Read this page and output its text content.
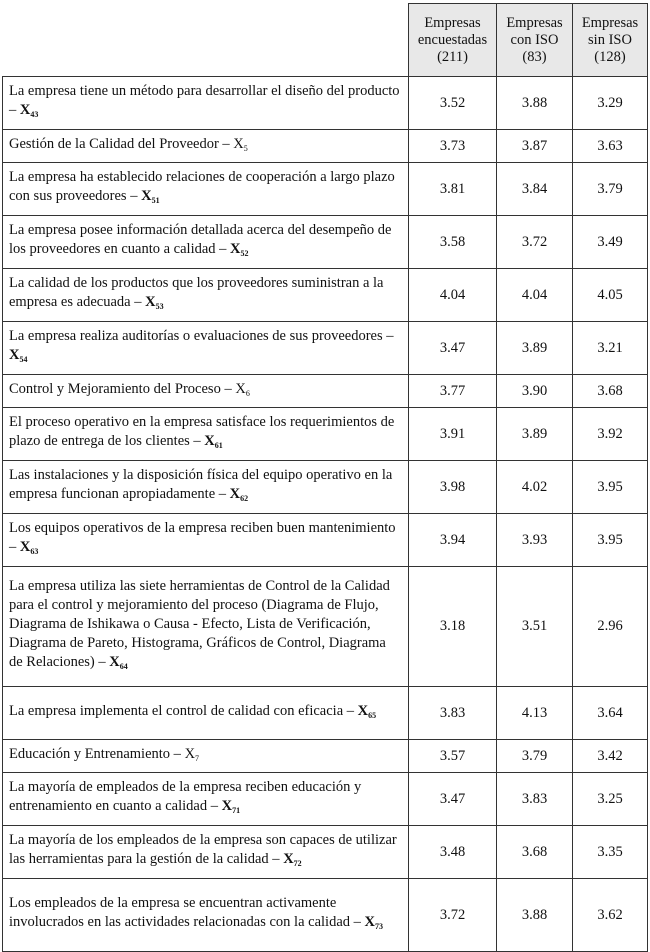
	Empresas
encuestadas
(211)	Empresas
con ISO
(83)	Empresas
sin ISO
(128)
La empresa tiene un método para desarrollar el diseño del producto – $X_{43}$	3.52	3.88	3.29
Gestión de la Calidad del Proveedor – $X_5$	3.73	3.87	3.63
La empresa ha establecido relaciones de cooperación a largo plazo con sus proveedores – $X_{51}$	3.81	3.84	3.79
La empresa posee información detallada acerca del desempeño de los proveedores en cuanto a calidad – $X_{52}$	3.58	3.72	3.49
La calidad de los productos que los proveedores suministran a la empresa es adecuada – $X_{53}$	4.04	4.04	4.05
La empresa realiza auditorías o evaluaciones de sus proveedores – $X_{54}$	3.47	3.89	3.21
Control y Mejoramiento del Proceso – $X_6$	3.77	3.90	3.68
El proceso operativo en la empresa satisface los requerimientos de plazo de entrega de los clientes – $X_{61}$	3.91	3.89	3.92
Las instalaciones y la disposición física del equipo operativo en la empresa funcionan apropiadamente – $X_{62}$	3.98	4.02	3.95
Los equipos operativos de la empresa reciben buen mantenimiento – $X_{63}$	3.94	3.93	3.95
La empresa utiliza las siete herramientas de Control de la Calidad para el control y mejoramiento del proceso (Diagrama de Flujo, Diagrama de Ishikawa o Causa - Efecto, Lista de Verificación, Diagrama de Pareto, Histograma, Gráficos de Control, Diagrama de Relaciones) – $X_{64}$	3.18	3.51	2.96
La empresa implementa el control de calidad con eficacia – $X_{65}$	3.83	4.13	3.64
Educación y Entrenamiento – $X_7$	3.57	3.79	3.42
La mayoría de empleados de la empresa reciben educación y entrenamiento en cuanto a calidad – $X_{71}$	3.47	3.83	3.25
La mayoría de los empleados de la empresa son capaces de utilizar las herramientas para la gestión de la calidad – $X_{72}$	3.48	3.68	3.35
Los empleados de la empresa se encuentran activamente involucrados en las actividades relacionadas con la calidad – $X_{73}$	3.72	3.88	3.62
